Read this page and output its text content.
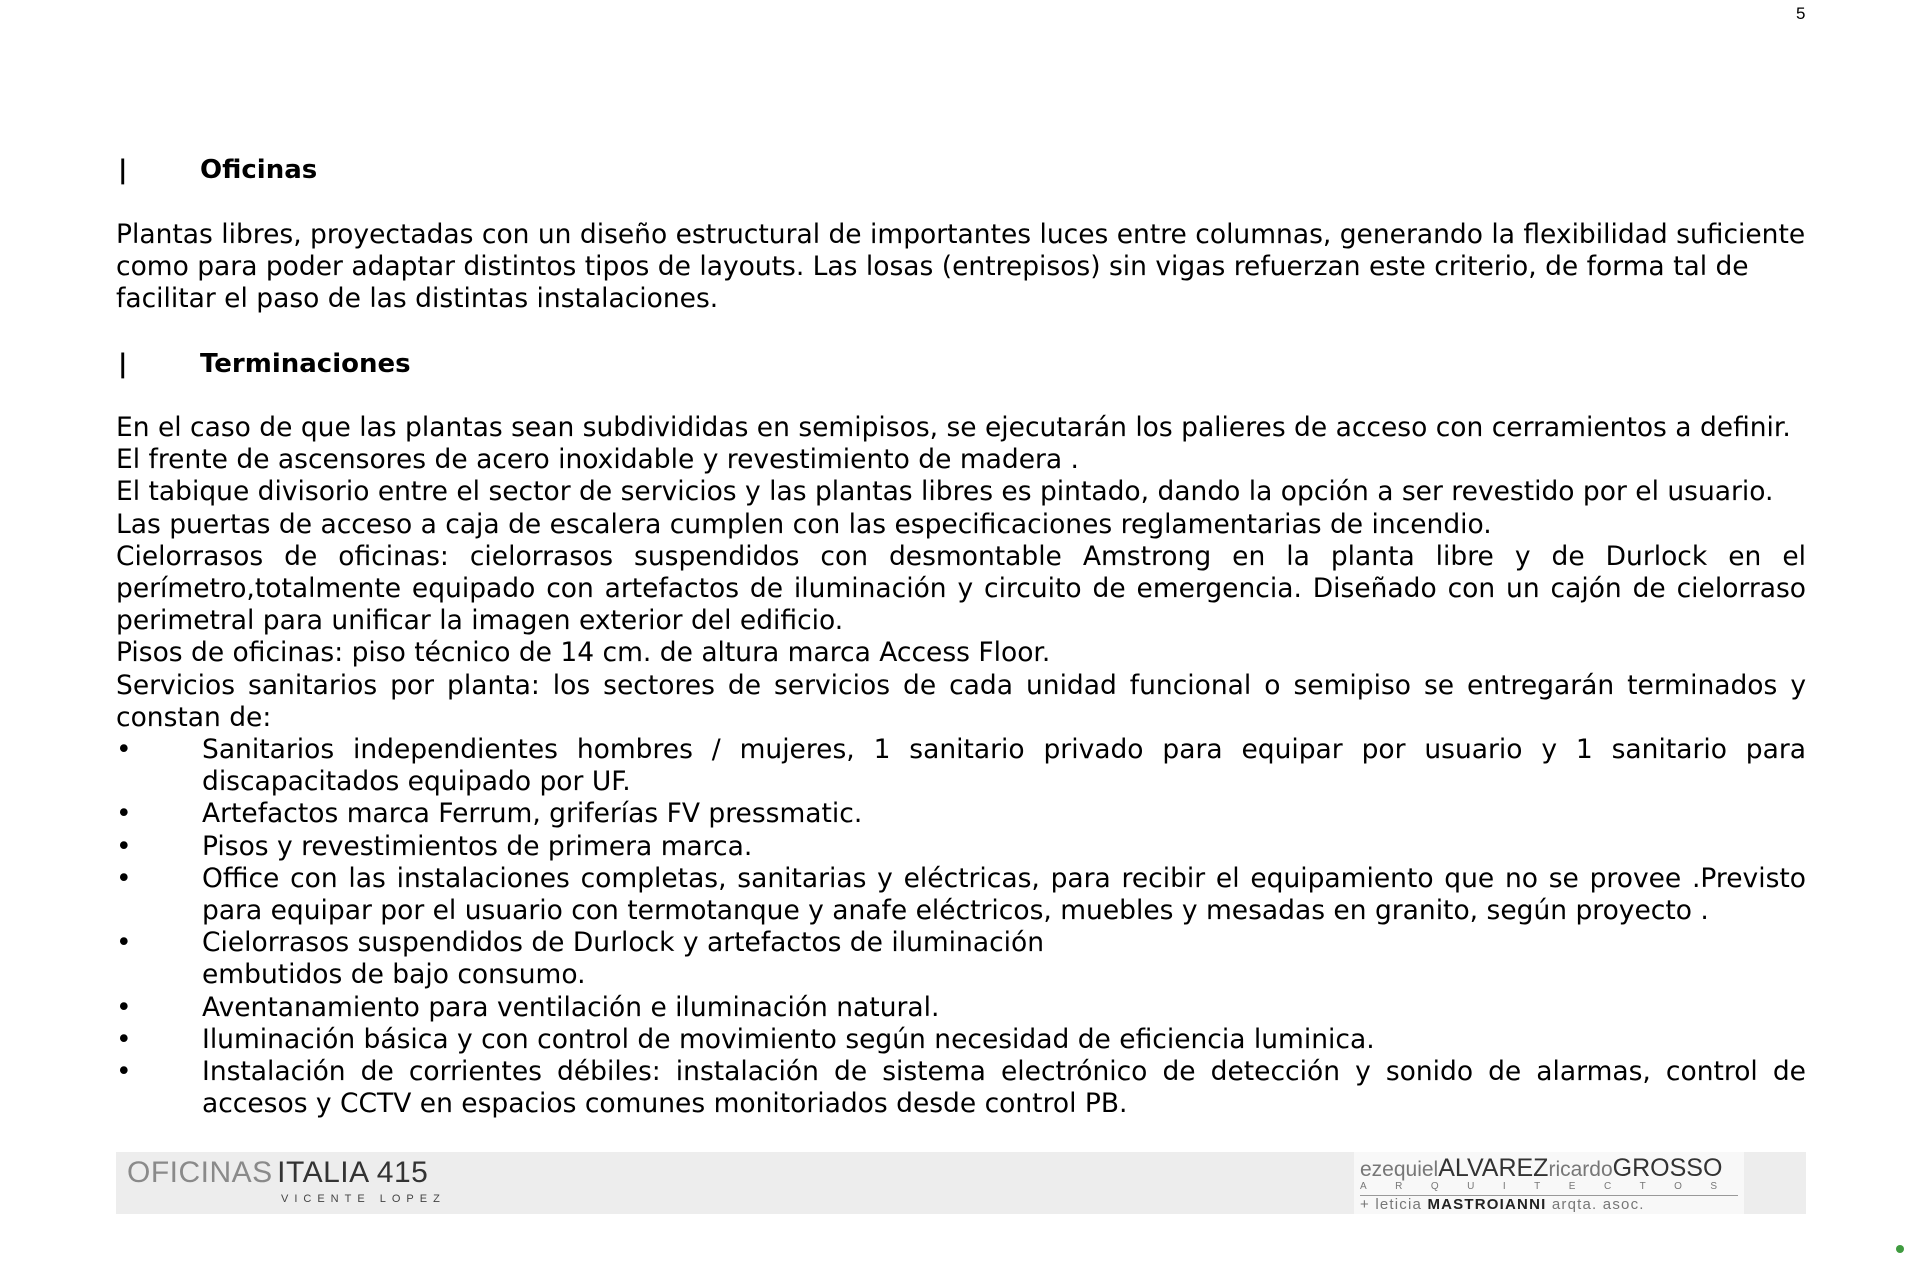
5
|	Oficinas

Plantas libres, proyectadas con un diseño estructural de importantes luces entre columnas, generando la flexibilidad suficiente como para poder adaptar distintos tipos de layouts. Las losas (entrepisos) sin vigas refuerzan este criterio, de forma tal de facilitar el paso de las distintas instalaciones.

|	Terminaciones

En el caso de que las plantas sean subdivididas en semipisos, se ejecutarán los palieres de acceso con cerramientos a definir.

El frente de ascensores de acero inoxidable y revestimiento de madera .

El tabique divisorio entre el sector de servicios y las plantas libres es pintado, dando la opción a ser revestido por el usuario.

Las puertas de acceso a caja de escalera cumplen con las especificaciones reglamentarias de incendio.

Cielorrasos de oficinas: cielorrasos suspendidos con desmontable Amstrong en la planta libre y de Durlock en el perímetro,totalmente equipado con artefactos de iluminación y circuito de emergencia. Diseñado con un cajón de cielorraso perimetral para unificar la imagen exterior del edificio.

Pisos de oficinas: piso técnico de 14 cm. de altura marca Access Floor.

Servicios sanitarios por planta: los sectores de servicios de cada unidad funcional o semipiso se entregarán terminados y constan de:

•	Sanitarios independientes hombres / mujeres, 1 sanitario privado para equipar por usuario y 1 sanitario para discapacitados equipado por UF.
•	Artefactos marca Ferrum, griferías FV pressmatic.
•	Pisos y revestimientos de primera marca.
•	Office con las instalaciones completas, sanitarias y eléctricas, para recibir el equipamiento que no se provee .Previsto para equipar por el usuario con termotanque y anafe eléctricos, muebles y mesadas en granito, según proyecto .
•	Cielorrasos suspendidos de Durlock y artefactos de iluminación
embutidos de bajo consumo.
•	Aventanamiento para ventilación e iluminación natural.
•	Iluminación básica y con control de movimiento según necesidad de eficiencia luminica.
•	Instalación de corrientes débiles: instalación de sistema electrónico de detección y sonido de alarmas, control de accesos y CCTV en espacios comunes monitoriados desde control PB.
OFICINAS ITALIA 415
VICENTE LOPEZ
ezequielALVAREZricardoGROSSO
ARQUITECTOS
+ leticia MASTROIANNI arqta. asoc.
